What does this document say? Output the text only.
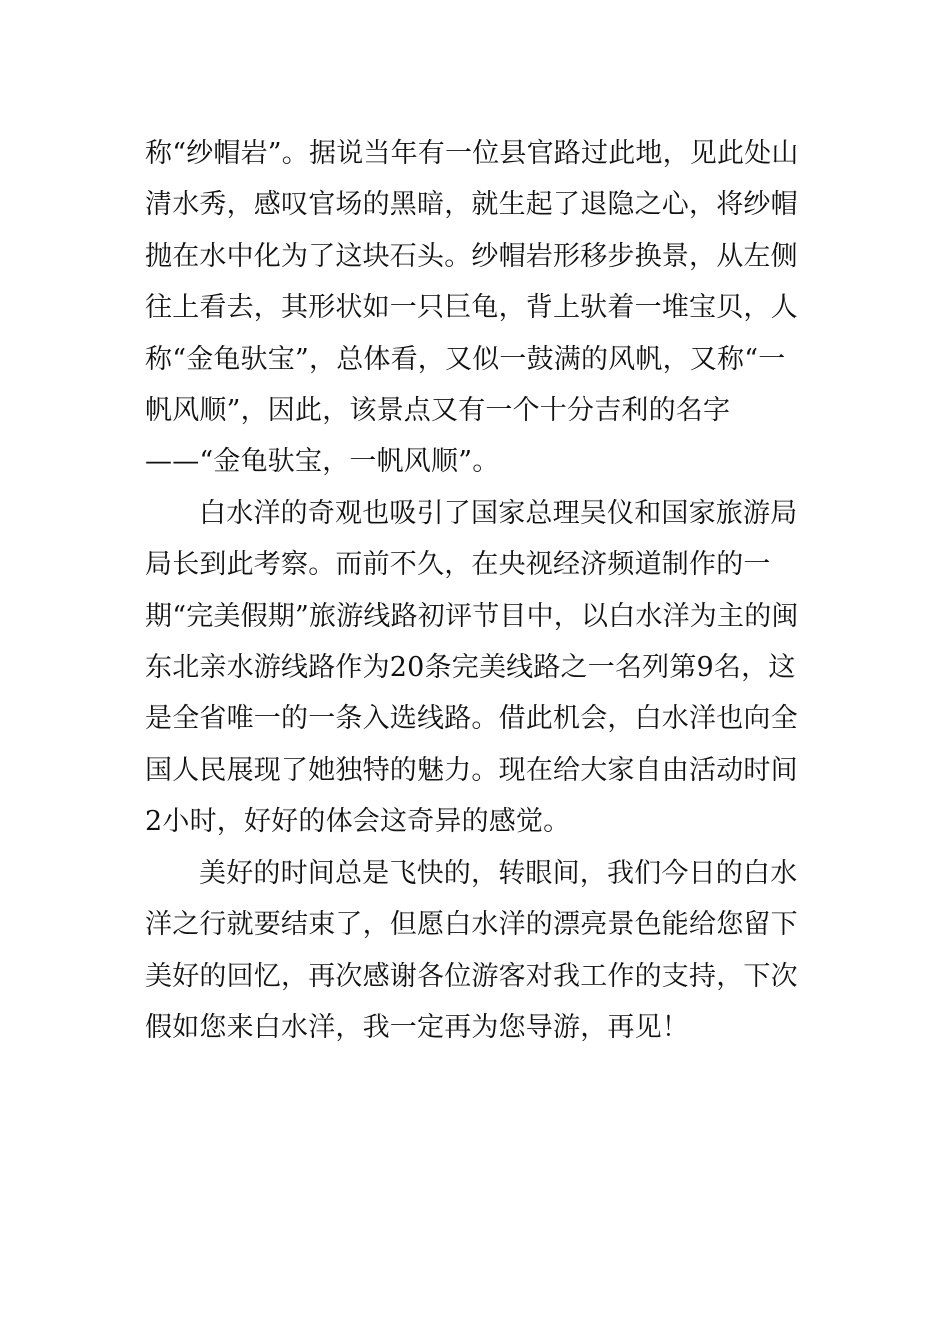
称“纱帽岩”。据说当年有一位县官路过此地，见此处山清水秀，感叹官场的黑暗，就生起了退隐之心，将纱帽抛在水中化为了这块石头。纱帽岩形移步换景，从左侧往上看去，其形状如一只巨龟，背上驮着一堆宝贝，人称“金龟驮宝”，总体看，又似一鼓满的风帆，又称“一帆风顺”，因此，该景点又有一个十分吉利的名字——“金龟驮宝，一帆风顺”。

白水洋的奇观也吸引了国家总理吴仪和国家旅游局局长到此考察。而前不久，在央视经济频道制作的一期“完美假期”旅游线路初评节目中，以白水洋为主的闽东北亲水游线路作为20条完美线路之一名列第9名，这是全省唯一的一条入选线路。借此机会，白水洋也向全国人民展现了她独特的魅力。现在给大家自由活动时间2小时，好好的体会这奇异的感觉。

美好的时间总是飞快的，转眼间，我们今日的白水洋之行就要结束了，但愿白水洋的漂亮景色能给您留下美好的回忆，再次感谢各位游客对我工作的支持，下次假如您来白水洋，我一定再为您导游，再见！
